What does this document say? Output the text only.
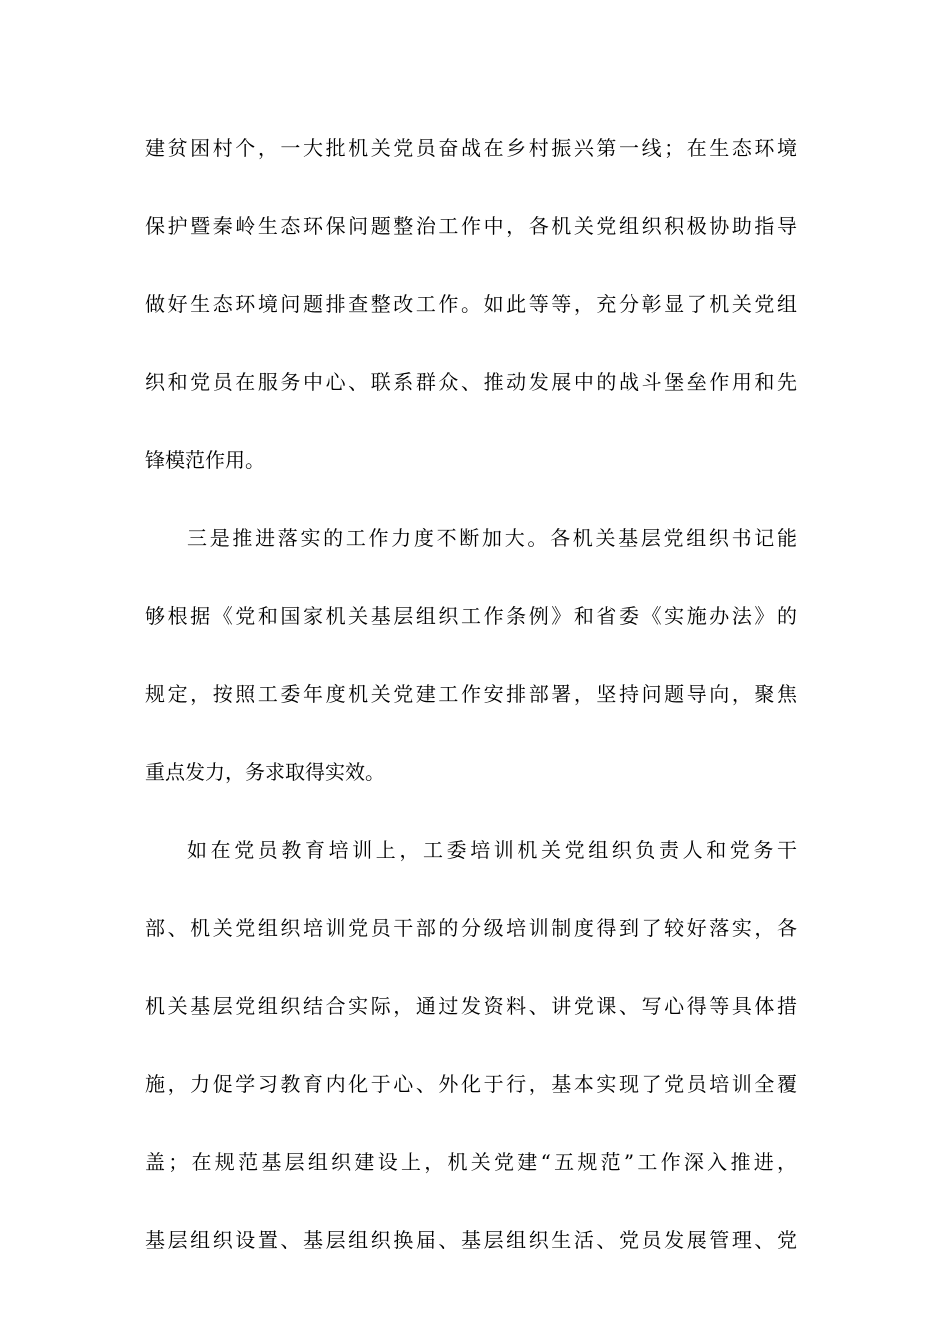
建贫困村个，一大批机关党员奋战在乡村振兴第一线；在生态环境
保护暨秦岭生态环保问题整治工作中，各机关党组织积极协助指导
做好生态环境问题排查整改工作。如此等等，充分彰显了机关党组
织和党员在服务中心、联系群众、推动发展中的战斗堡垒作用和先
锋模范作用。
三是推进落实的工作力度不断加大。各机关基层党组织书记能
够根据《党和国家机关基层组织工作条例》和省委《实施办法》的
规定，按照工委年度机关党建工作安排部署，坚持问题导向，聚焦
重点发力，务求取得实效。
如在党员教育培训上，工委培训机关党组织负责人和党务干
部、机关党组织培训党员干部的分级培训制度得到了较好落实，各
机关基层党组织结合实际，通过发资料、讲党课、写心得等具体措
施，力促学习教育内化于心、外化于行，基本实现了党员培训全覆
盖；在规范基层组织建设上，机关党建“五规范”工作深入推进，
基层组织设置、基层组织换届、基层组织生活、党员发展管理、党
